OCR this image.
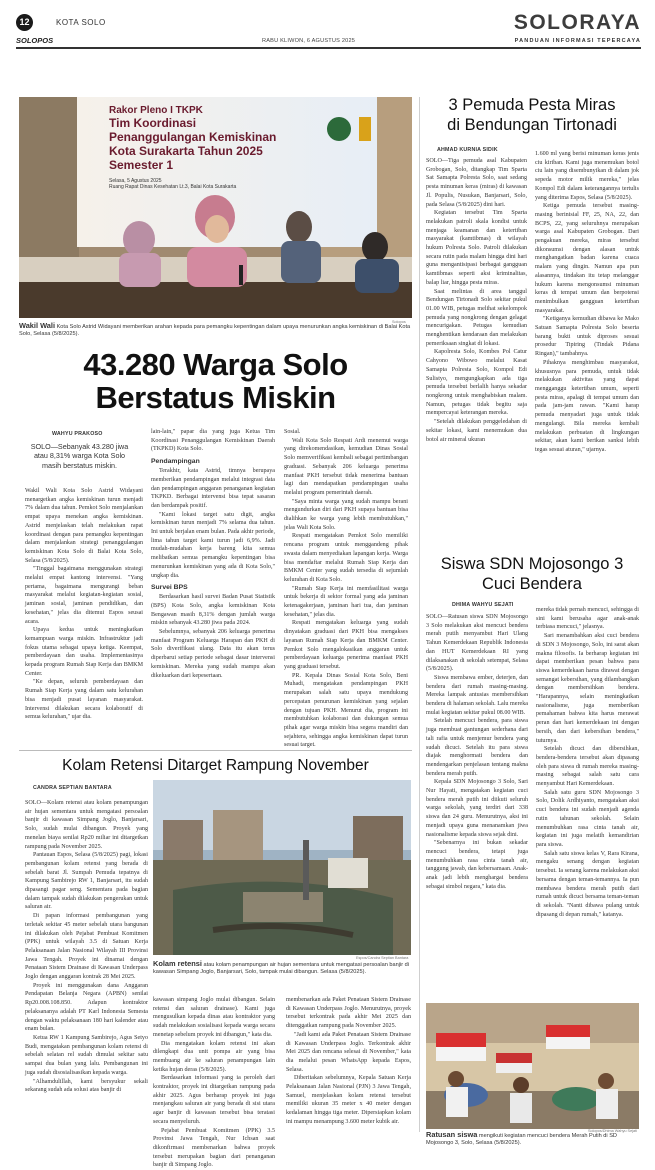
12	KOTA SOLO
SOLOPOS	RABU KLIWON, 6 AGUSTUS 2025
SOLORAYA
PANDUAN INFORMASI TEPERCAYA
Rakor Pleno I TKPK
Tim Koordinasi
Penanggulangan Kemiskinan
Kota Surakarta Tahun 2025
Semester 1
Selasa, 5 Agustus 2025
Ruang Rapat Dinas Kesehatan Lt.3, Balai Kota Surakarta
Solopos
Wakil Wali Kota Solo Astrid Widayani memberikan arahan kepada para pemangku kepentingan dalam upaya menurunkan angka kemiskinan di Balai Kota Solo, Selasa (5/8/2025).
43.280 Warga Solo
Berstatus Miskin
WAHYU PRAKOSO
SOLO—Sebanyak 43.280 jiwa atau 8,31% warga Kota Solo masih berstatus miskin.

Wakil Wali Kota Solo Astrid Widayani menargetkan angka kemiskinan turun menjadi 7% dalam dua tahun. Pemkot Solo menjalankan empat upaya menekan angka kemiskinan. Astrid menjelaskan telah melakukan rapat koordinasi dengan para pemangku kepentingan dalam menjalankan strategi penanggulangan kemiskinan Kota Solo di Balai Kota Solo, Selasa (5/8/2025).

"Tinggal bagaimana menggunakan strategi melalui empat kantong intervensi. "Yang pertama, bagaimana mengurangi beban masyarakat melalui kegiatan-kegiatan sosial, jaminan sosial, jaminan pendidikan, dan kesehatan," jelas dia ditemui Espos seusai acara.

Upaya kedua untuk meningkatkan kemampuan warga miskin. Infrastruktur jadi fokus utama sebagai upaya ketiga. Keempat, pemberdayaan dan usaha. Implementasinya kepada program Rumah Siap Kerja dan BMKM Center.

"Ke depan, seluruh pemberdayaan dan Rumah Siap Kerja yang dalam satu kelurahan bisa menjadi pusat layanan masyarakat. Intervensi dilakukan secara kolaboratif di semua kelurahan," ujar dia.

lain-lain," papar dia yang juga Ketua Tim Koordinasi Penanggulangan Kemiskinan Daerah (TKPKD) Kota Solo.

Pendampingan

Terakhir, kata Astrid, timnya berupaya memberikan pendampingan melalui integrasi data dan pendampingan anggaran penanganan kegiatan TKPKD. Berbagai intervensi bisa tepat sasaran dan berdampak positif.

"Kami lokasi target satu digit, angka kemiskinan turun menjadi 7% selama dua tahun. Ini untuk berjalan enam bulan. Pada akhir periode, lima tahun target kami turun jadi 6,9%. Jadi mudah-mudahan kerja bareng kita semua melibatkan semua pemangku kepentingan bisa menurunkan kemiskinan yang ada di Kota Solo," ungkap dia.

Survei BPS

Berdasarkan hasil survei Badan Pusat Statistik (BPS) Kota Solo, angka kemiskinan Kota Bengawan masih 8,31% dengan jumlah warga miskin sebanyak 43.280 jiwa pada 2024.

Sebelumnya, sebanyak 206 keluarga penerima manfaat Program Keluarga Harapan dan PKH di Solo diverifikasi ulang. Data itu akan terus diperbarui setiap periode sebagai dasar intervensi kemiskinan. Mereka yang sudah mampu akan dikeluarkan dari kepesertaan.

Sosial.

Wali Kota Solo Respati Ardi menemui warga yang direkomendasikan, kemudian Dinas Sosial Solo memverifikasi kembali sebagai pertimbangan graduasi. Sebanyak 206 keluarga penerima manfaat PKH tersebut tidak menerima bantuan lagi dan mendapatkan pendampingan usaha melalui program pemerintah daerah.

"Saya minta warga yang sudah mampu berani mengundurkan diri dari PKH supaya bantuan bisa dialihkan ke warga yang lebih membutuhkan," jelas Wali Kota Solo.

Respati mengatakan Pemkot Solo memiliki rencana program untuk menggandeng pihak swasta dalam menyediakan lapangan kerja. Warga bisa mendaftar melalui Rumah Siap Kerja dan BMKM Center yang sudah tersedia di sejumlah kelurahan di Kota Solo.

"Rumah Siap Kerja ini memfasilitasi warga untuk bekerja di sektor formal yang ada jaminan ketenagakerjaan, jaminan hari tua, dan jaminan kesehatan," jelas dia.

Respati mengatakan keluarga yang sudah dinyatakan graduasi dari PKH bisa mengakses layanan Rumah Siap Kerja dan BMKM Center. Pemkot Solo mengalokasikan anggaran untuk pemberdayaan keluarga penerima manfaat PKH yang graduasi tersebut.

PR. Kepala Dinas Sosial Kota Solo, Beni Muhadi, mengatakan pendampingan PKH merupakan salah satu upaya mendukung percepatan penurunan kemiskinan yang sejalan dengan tujuan PKH. Menurut dia, program ini membutuhkan kolaborasi dan dukungan semua pihak agar warga miskin bisa segera mandiri dan sejahtera, sehingga angka kemiskinan dapat turun sesuai target.

3 Pemuda Pesta Miras
di Bendungan Tirtonadi
AHMAD KURNIA SIDIK

SOLO—Tiga pemuda asal Kabupaten Grobogan, Solo, ditangkap Tim Sparta Sat Samapta Polresta Solo, saat sedang pesta minuman keras (miras) di kawasan Jl. Populis, Nusukan, Banjarsari, Solo, pada Selasa (5/8/2025) dini hari.

Kegiatan tersebut Tim Sparta melakukan patroli skala kondisi untuk menjaga keamanan dan ketertiban masyarakat (kamtibmas) di wilayah hukum Polresta Solo. Patroli dilakukan secara rutin pada malam hingga dini hari guna mengantisipasi berbagai gangguan kamtibmas seperti aksi kriminalitas, balap liar, hingga pesta miras.

Saat melintas di area tanggul Bendungan Tirtonadi Solo sekitar pukul 01.00 WIB, petugas melihat sekelompok pemuda yang nongkrong dengan gelagat mencurigakan. Petugas kemudian menghentikan kendaraan dan melakukan pemeriksaan singkat di lokasi.

Kapolresta Solo, Kombes Pol Catur Cahyono Wibowo melalui Kasat Samapta Polresta Solo, Kompol Edi Sulistyo, mengungkapkan ada tiga pemuda tersebut berlalih hanya sekadar nongkrong untuk menghabiskan malam. Namun, petugas tidak begitu saja mempercayai keterangan mereka.

"Setelah dilakukan penggeledahan di sekitar lokasi, kami menemukan dua botol air mineral ukuran

1.600 ml yang berisi minuman keras jenis ciu kiriban. Kami juga menemukan botol ciu lain yang disembunyikan di dalam jok sepeda motor milik mereka," jelas Kompol Edi dalam keterangannya tertulis yang diterima Espos, Selasa (5/8/2025).

Ketiga pemuda tersebut masing-masing berinisial FF, 25, NA, 22, dan BCPS, 22, yang seluruhnya merupakan warga asal Kabupaten Grobogan. Dari pengakuan mereka, miras tersebut dikonsumsi dengan alasan untuk menghangatkan badan karena cuaca malam yang dingin. Namun apa pun alasannya, tindakan itu tetap melanggar hukum karena mengonsumsi minuman keras di tempat umum dan berpotensi menimbulkan gangguan ketertiban masyarakat.

"Ketiganya kemudian dibawa ke Mako Satuan Samapta Polresta Solo beserta barang bukti untuk diproses sesuai prosedur Tipiring (Tindak Pidana Ringan)," tambahnya.

Pihaknya menghimbau masyarakat, khususnya para pemuda, untuk tidak melakukan aktivitas yang dapat mengganggu ketertiban umum, seperti pesta miras, apalagi di tempat umum dan pada jam-jam rawan. "Kami harap pemuda menyadari juga untuk tidak mengulangi. Bila mereka kembali melakukan perbuatan di lingkungan sekitar, akan kami berikan sanksi lebih tegas sesuai aturan," ujarnya.

Siswa SDN Mojosongo 3
Cuci Bendera
DHIMA WAHYU SEJATI

SOLO—Ratusan siswa SDN Mojosongo 3 Solo melakukan aksi mencuci bendera merah putih menyambut Hari Ulang Tahun Kemerdekaan Republik Indonesia dan HUT Kemerdekaan RI yang dilaksanakan di sekolah setempat, Selasa (5/8/2025).

Siswa membawa ember, deterjen, dan bendera dari rumah masing-masing. Mereka lampak antusias membersihkan bendera di halaman sekolah. Lalu mereka mulai kegiatan sekitar pukul 08.00 WIB.

Setelah mencuci bendera, para siswa juga membuat gantungan sederhana dari tali rafia untuk menjemur bendera yang sudah dicuci. Setelah itu para siswa diajak menghormati bendera dan mendengarkan penjelasan tentang makna bendera merah putih.

Kepala SDN Mojosongo 3 Solo, Sari Nur Hayati, mengatakan kegiatan cuci bendera merah putih ini diikuti seluruh warga sekolah, yang terdiri dari 338 siswa dan 24 guru. Menurutnya, aksi ini menjadi upaya guna menanamkan jiwa nasionalisme kepada siswa sejak dini.

"Sebenarnya ini bukan sekadar mencuci bendera, tetapi juga menumbuhkan rasa cinta tanah air, tanggung jawab, dan kebersamaan. Anak-anak jadi lebih menghargai bendera sebagai simbol negara," kata dia.

mereka tidak pernah mencuci, sehingga di sini kami berusaha agar anak-anak terbiasa mencuci," jelasnya.

Sari menambahkan aksi cuci bendera di SDN 3 Mojosongo, Solo, ini sarat akan makna filosofis. Ia berharap kegiatan ini dapat memberikan pesan bahwa para siswa kemerdekaan harus dirawat dengan semangat kebersihan, yang dilambangkan dengan membersihkan bendera. "Harapannya, selain meningkatkan nasionalisme, juga memberikan pemahaman bahwa kita harus merawat peran dan hari kemerdekaan ini dengan bersih, dan dari kebersihan bendera," tuturnya.

Setelah dicuci dan dibersihkan, bendera-bendera tersebut akan dipasang oleh para siswa di rumah mereka masing-masing sebagai salah satu cara menyambut Hari Kemerdekaan.

Salah satu guru SDN Mojosongo 3 Solo, Dolik Ardhiyanto, mengatakan aksi cuci bendera ini sudah menjadi agenda rutin tahunan sekolah. Selain menumbuhkan rasa cinta tanah air, kegiatan ini juga melatih kemandirian para siswa.

Salah satu siswa kelas V, Rara Kirana, mengaku senang dengan kegiatan tersebut. Ia senang karena melakukan aksi bersama dengan teman-temannya. Ia pun membawa bendera merah putih dari rumah untuk dicuci bersama teman-teman di sekolah. "Nanti dibawa pulang untuk dipasang di depan rumah," katanya.

Solopos/Dhima Wahyu Sejati
Ratusan siswa mengikuti kegiatan mencuci bendera Merah Putih di SD Mojosongo 3, Solo, Selasa (5/8/2025).
Kolam Retensi Ditarget Rampung November
CANDRA SEPTIAN BANTARA

SOLO—Kolam retensi atau kolam penampungan air hujan sementara untuk mengatasi persoalan banjir di kawasan Simpang Joglo, Banjarsari, Solo, sudah mulai dibangun. Proyek yang menelan biaya senilai Rp20 miliar ini ditargetkan rampung pada November 2025.

Pantauan Espos, Selasa (5/8/2025) pagi, lokasi pembangunan kolam retensi yang berada di sebelah barat Jl. Sumpah Pemuda tepatnya di Kampung Sambirejo RW 1, Banjarsari, itu sudah dipasangi pagar seng. Sementara pada bagian dalam tampak sudah dilakukan pengerukan untuk saluran air.

Di papan informasi pembangunan yang terletak sekitar 45 meter sebelah utara bangunan ini dilakukan oleh Pejabat Pembuat Komitmen (PPK) untuk wilayah 3.5 di Satuan Kerja Pelaksanaan Jalan Nasional Wilayah III Provinsi Jawa Tengah. Proyek ini dinamai dengan Penataan Sistem Drainase di Kawasan Underpass Joglo dengan anggaran kontrak 28 Mei 2025.

Proyek ini menggunakan dana Anggaran Pendapatan Belanja Negara (APBN) senilai Rp20.008.108.850. Adapun kontraktor pelaksananya adalah PT Karl Indonesia Semesta dengan waktu pelaksanaan 180 hari kalender atau enam bulan.

Ketua RW 1 Kampung Sambirejo, Agus Setyo Budi, mengatakan pembangunan kolam retensi di sebelah selatan rel sudah dimulai sekitar satu sampai dua bulan yang lalu. Pembangunan ini juga sudah disosialisasikan kepada warga.

"Alhamdulillah, kami bersyukur sekali sekarang sudah ada solusi atas banjir di

Espos/Candra Septian Bantara
Kolam retensi atau kolam penampungan air hujan sementara untuk mengatasi persoalan banjir di kawasan Simpang Joglo, Banjarsari, Solo, tampak mulai dibangun. Selasa (5/8/2025).

kawasan simpang Joglo mulai dibangun. Selain retensi dan saluran drainase). Kami juga mengusulkan kepada dinas atau kontraktor yang sudah melakukan sosialisasi kepada warga secara menetap sebelum proyek ini dibangun," kata dia.

Dia mengatakan kolam retensi ini akan dilengkapi dua unit pompa air yang bisa membuang air ke saluran penampungan lain ketika hujan deras (5/8/2025).

Berdasarkan informasi yang ia peroleh dari kontraktor, proyek ini ditargetkan rampung pada akhir 2025. Agus berharap proyek ini juga menjangkau saluran air yang berada di sisi utara agar banjir di kawasan tersebut bisa teratasi secara menyeluruh.

Pejabat Pembuat Komitmen (PPK) 3.5 Provinsi Jawa Tengah, Nur Ichsan saat dikonfirmasi membenarkan bahwa proyek tersebut merupakan bagian dari penanganan banjir di Simpang Joglo.

membenarkan ada Paket Penataan Sistem Drainase di Kawasan Underpass Joglo. Menurutnya, proyek tersebut terkontrak pada akhir Mei 2025 dan ditenggatkan rampung pada November 2025.

"Jadi kami ada Paket Penataan Sistem Drainase di Kawasan Underpass Joglo. Terkontrak akhir Mei 2025 dan rencana selesai di November," kata dia melalui pesan WhatsApp kepada Espos, Selasa.

Diberitakan sebelumnya, Kepala Satuan Kerja Pelaksanaan Jalan Nasional (PJN) 3 Jawa Tengah, Samuel, menjelaskan kolam retensi tersebut memiliki ukuran 35 meter x 40 meter dengan kedalaman hingga tiga meter. Dipersiapkan kolam ini mampu menampung 3.600 meter kubik air.
